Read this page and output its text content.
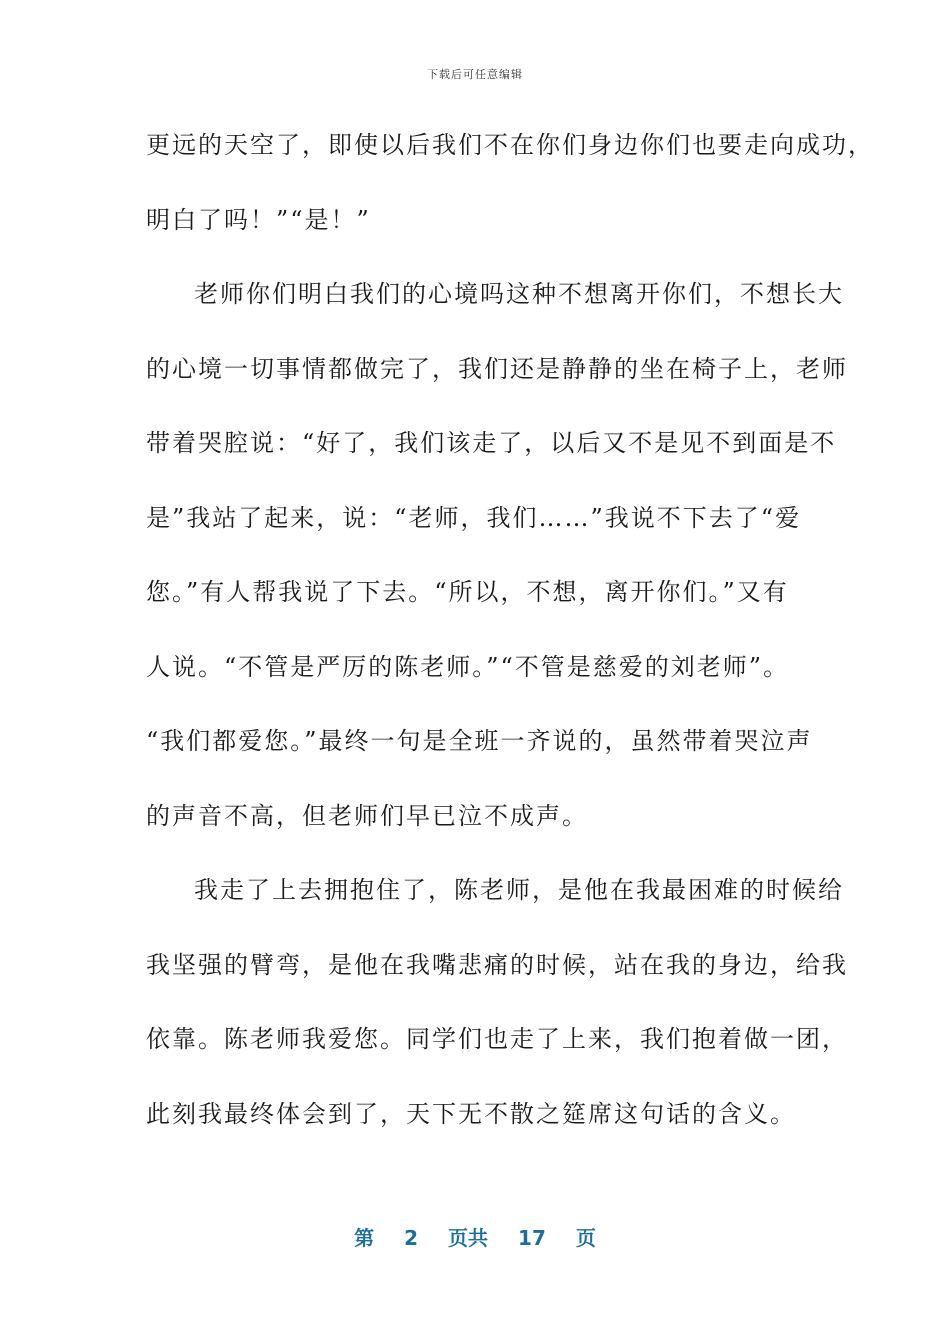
下载后可任意编辑
更远的天空了，即使以后我们不在你们身边你们也要走向成功，
明白了吗！”“是！”
老师你们明白我们的心境吗这种不想离开你们，不想长大
的心境一切事情都做完了，我们还是静静的坐在椅子上，老师
带着哭腔说：“好了，我们该走了，以后又不是见不到面是不
是”我站了起来，说：“老师，我们……”我说不下去了“爱
您。”有人帮我说了下去。“所以，不想，离开你们。”又有
人说。“不管是严厉的陈老师。”“不管是慈爱的刘老师”。
“我们都爱您。”最终一句是全班一齐说的，虽然带着哭泣声
的声音不高，但老师们早已泣不成声。
我走了上去拥抱住了，陈老师，是他在我最困难的时候给
我坚强的臂弯，是他在我嘴悲痛的时候，站在我的身边，给我
依靠。陈老师我爱您。同学们也走了上来，我们抱着做一团，
此刻我最终体会到了，天下无不散之筵席这句话的含义。
第 2 页共 17 页
